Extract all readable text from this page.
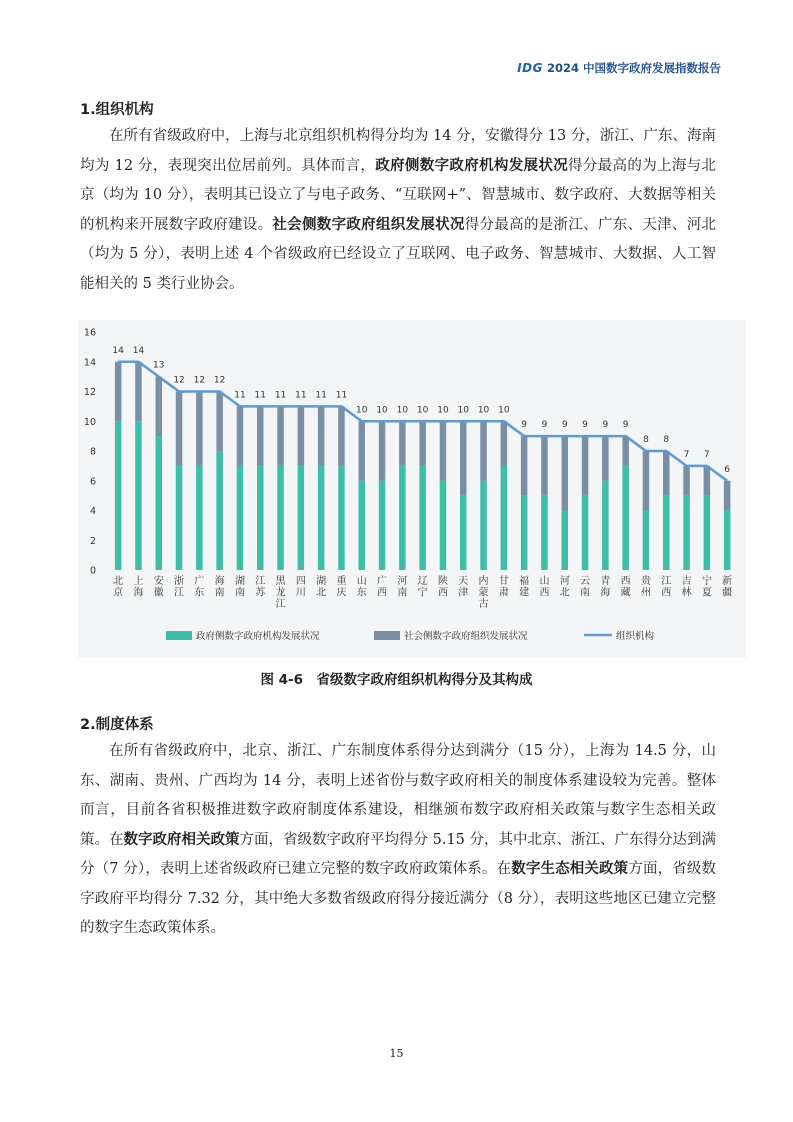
IDG 2024 中国数字政府发展指数报告
1.组织机构

在所有省级政府中，上海与北京组织机构得分均为 14 分，安徽得分 13 分，浙江、广东、海南均为 12 分，表现突出位居前列。具体而言，政府侧数字政府机构发展状况得分最高的为上海与北京（均为 10 分），表明其已设立了与电子政务、“互联网+”、智慧城市、数字政府、大数据等相关的机构来开展数字政府建设。社会侧数字政府组织发展状况得分最高的是浙江、广东、天津、河北（均为 5 分），表明上述 4 个省级政府已经设立了互联网、电子政务、智慧城市、大数据、人工智能相关的 5 类行业协会。

0
2
4
6
8
10
12
14
16
14 14
13
12 12 12
11 11 11 11 11 11
10 10 10 10 10 10 10 10
9 9 9 9 9 9
8 8
7 7
6
北京
上海
安徽
浙江
广东
海南
湖南
江苏
黑龙江
四川
湖北
重庆
山东
广西
河南
辽宁
陕西
天津
内蒙古
甘肃
福建
山西
河北
云南
青海
西藏
贵州
江西
吉林
宁夏
新疆
政府侧数字政府机构发展状况	社会侧数字政府组织发展状况	组织机构
图 4-6　省级数字政府组织机构得分及其构成
2.制度体系

在所有省级政府中，北京、浙江、广东制度体系得分达到满分（15 分），上海为 14.5 分，山东、湖南、贵州、广西均为 14 分，表明上述省份与数字政府相关的制度体系建设较为完善。整体而言，目前各省积极推进数字政府制度体系建设，相继颁布数字政府相关政策与数字生态相关政策。在数字政府相关政策方面，省级数字政府平均得分 5.15 分，其中北京、浙江、广东得分达到满分（7 分），表明上述省级政府已建立完整的数字政府政策体系。在数字生态相关政策方面，省级数字政府平均得分 7.32 分，其中绝大多数省级政府得分接近满分（8 分），表明这些地区已建立完整的数字生态政策体系。

15
